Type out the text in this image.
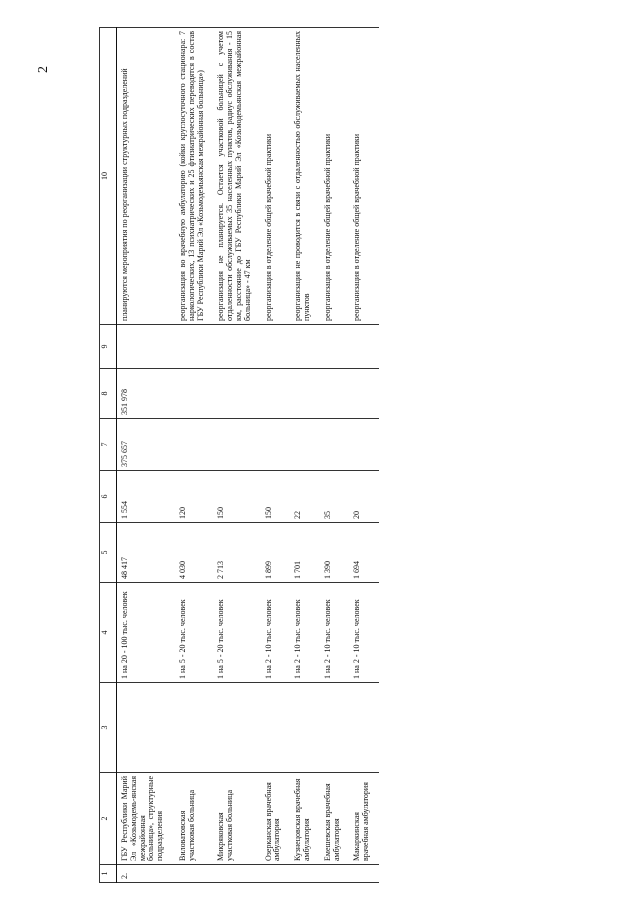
2
1	2	3	4	5	6	7	8	9	10
2.	ГБУ Республики Марий Эл «Козьмодемь-янская межрайонная больница», структурные подразделения		1 на 20 - 100 тыс. человек	48 417	1 554	375 657	351 978		планируются мероприятия по реорганизации структурных подразделений
	Виловатовская участковая больница		1 на 5 - 20 тыс. человек	4 030	120				реорганизация во врачебную амбулаторию (койки круглосуточного стационара: 7 наркологических, 13 психиатрических и 25 фтизиатрических переводятся в состав ГБУ Республики Марий Эл «Козьмодемьянская межрайонная больница»)
	Микряковская участковая больница		1 на 5 - 20 тыс. человек	2 713	150				реорганизация не планируется. Остается участковой больницей с учетом отдаленности обслуживаемых 35 населенных пунктов, радиус обслуживания - 15 км, расстояние до ГБУ Республики Марий Эл «Козьмодемьянская межрайонная больница» - 47 км
	Озерканская врачебная амбулатория		1 на 2 - 10 тыс. человек	1 899	150				реорганизация в отделение общей врачебной практики
	Кузнецовская врачебная амбулатория		1 на 2 - 10 тыс. человек	1 701	22				реорганизация не проводится в связи с отдаленностью обслуживаемых населенных пунктов
	Емешевская врачебная амбулатория		1 на 2 - 10 тыс. человек	1 390	35				реорганизация в отделение общей врачебной практики
	Макаркинская врачебная амбулатория		1 на 2 - 10 тыс. человек	1 694	20				реорганизация в отделение общей врачебной практики
